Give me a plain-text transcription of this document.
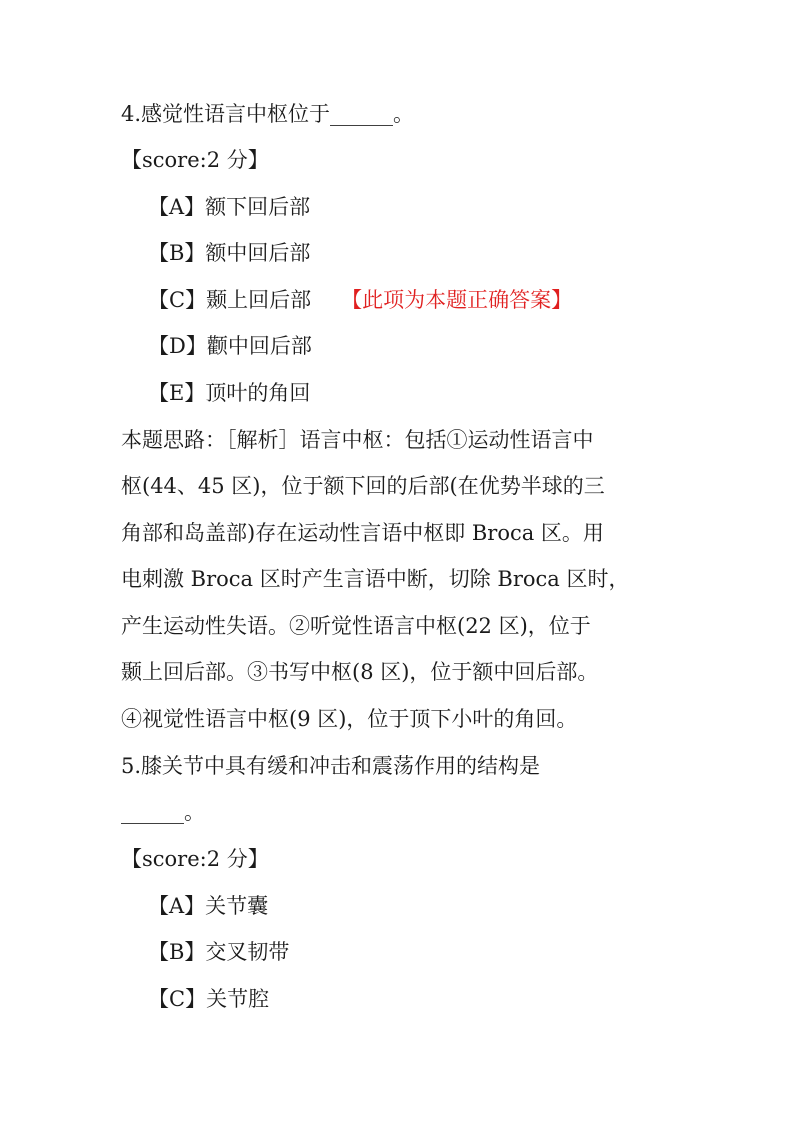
4.感觉性语言中枢位于______。
【score:2 分】
【A】额下回后部
【B】额中回后部
【C】颞上回后部 【此项为本题正确答案】
【D】颧中回后部
【E】顶叶的角回
本题思路：［解析］语言中枢：包括①运动性语言中
枢(44、45 区)，位于额下回的后部(在优势半球的三
角部和岛盖部)存在运动性言语中枢即 Broca 区。用
电刺激 Broca 区时产生言语中断，切除 Broca 区时，
产生运动性失语。②听觉性语言中枢(22 区)，位于
颞上回后部。③书写中枢(8 区)，位于额中回后部。
④视觉性语言中枢(9 区)，位于顶下小叶的角回。
5.膝关节中具有缓和冲击和震荡作用的结构是
______。
【score:2 分】
【A】关节囊
【B】交叉韧带
【C】关节腔
